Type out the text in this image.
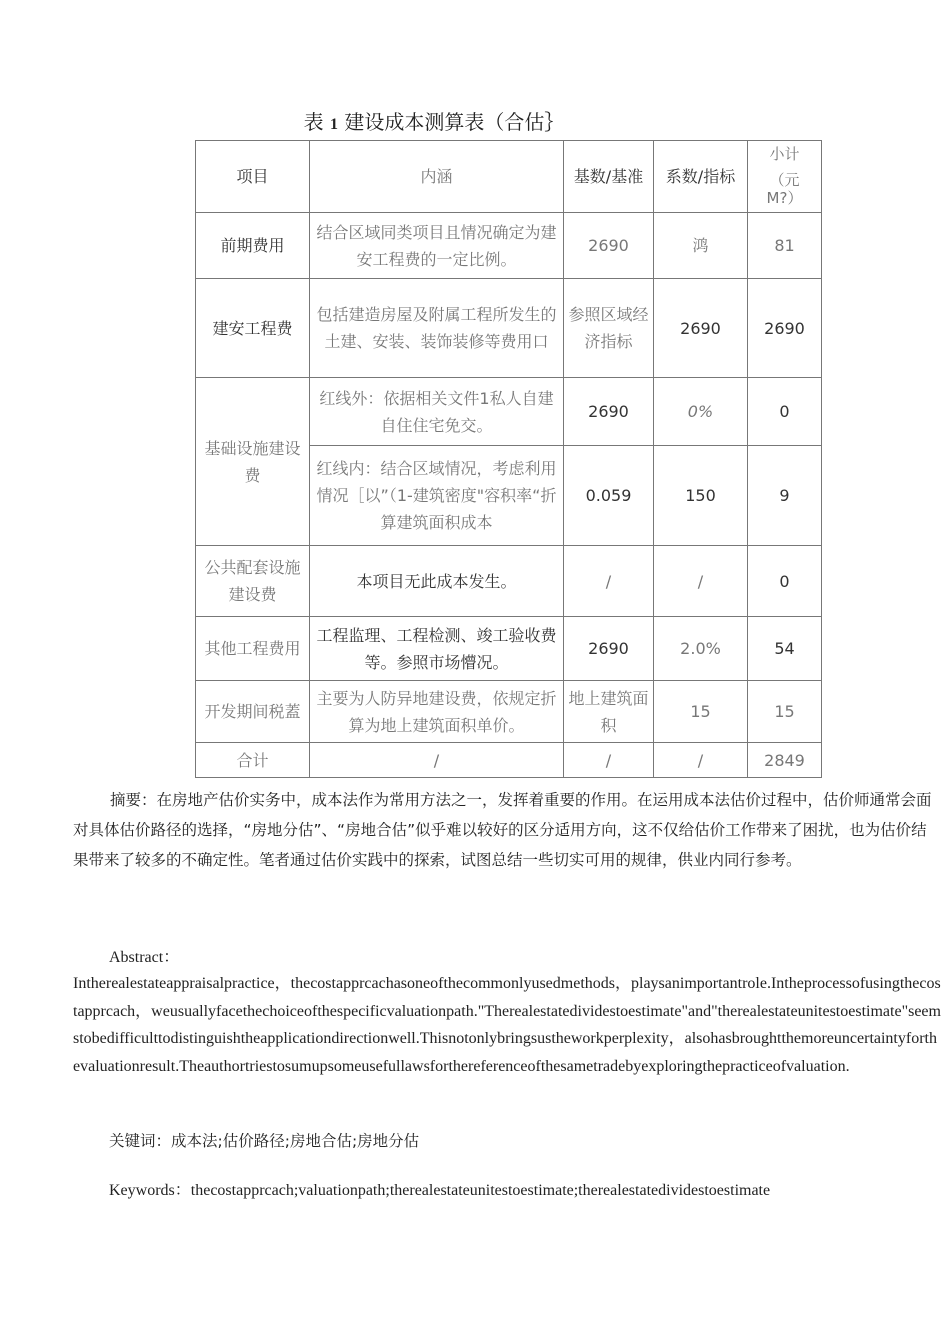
表 1 建设成本测算表（合估｝
项目	内涵	基数/基准	系数/指标	小计
（元
M?）

前期费用	结合区域同类项目且情况确定为建安工程费的一定比例。	2690	鸿	81
建安工程费	包括建造房屋及附属工程所发生的土建、安装、装饰装修等费用口	参照区域经济指标	2690	2690
基础设施建设费	红线外：依据相关文件1私人自建自住住宅免交。	2690	0%	0

	红线内：结合区域情况，考虑利用情况［以”（1-建筑密度"容积率“折算建筑面积成本	0.059	150	9
公共配套设施建设费	本项目无此成本发生。	/	/	0
其他工程费用	工程监理、工程检测、竣工验收费等。参照市场懵况。	2690	2.0%	54
开发期间税蓋	主要为人防异地建设费，依规定折算为地上建筑面积单价。	地上建筑面积	15	15
合计	/	/	/	2849

摘要：在房地产估价实务中，成本法作为常用方法之一，发挥着重要的作用。在运用成本法估价过程中，估价师通常会面对具体估价路径的选择，“房地分估”、“房地合估”似乎难以较好的区分适用方向，这不仅给估价工作带来了困扰，也为估价结果带来了较多的不确定性。笔者通过估价实践中的探索，试图总结一些切实可用的规律，供业内同行参考。

Abstract：

Intherealestateappraisalpractice，thecostapprcachasoneofthecommonlyusedmethods，playsanimportantrole.Intheprocessofusingthecostapprcach，weusuallyfacethechoiceofthespecificvaluationpath."Therealestatedividestoestimate"and"therealestateunitestoestimate"seemstobedifficulttodistinguishtheapplicationdirectionwell.Thisnotonlybringsustheworkperplexity，alsohasbroughtthemoreuncertaintyforthevaluationresult.Theauthortriestosumupsomeusefullawsforthereferenceofthesametradebyexploringthepracticeofvaluation.

关键词：成本法;估价路径;房地合估;房地分估
Keywords：thecostapprcach;valuationpath;therealestateunitestoestimate;therealestatedividestoestimate
